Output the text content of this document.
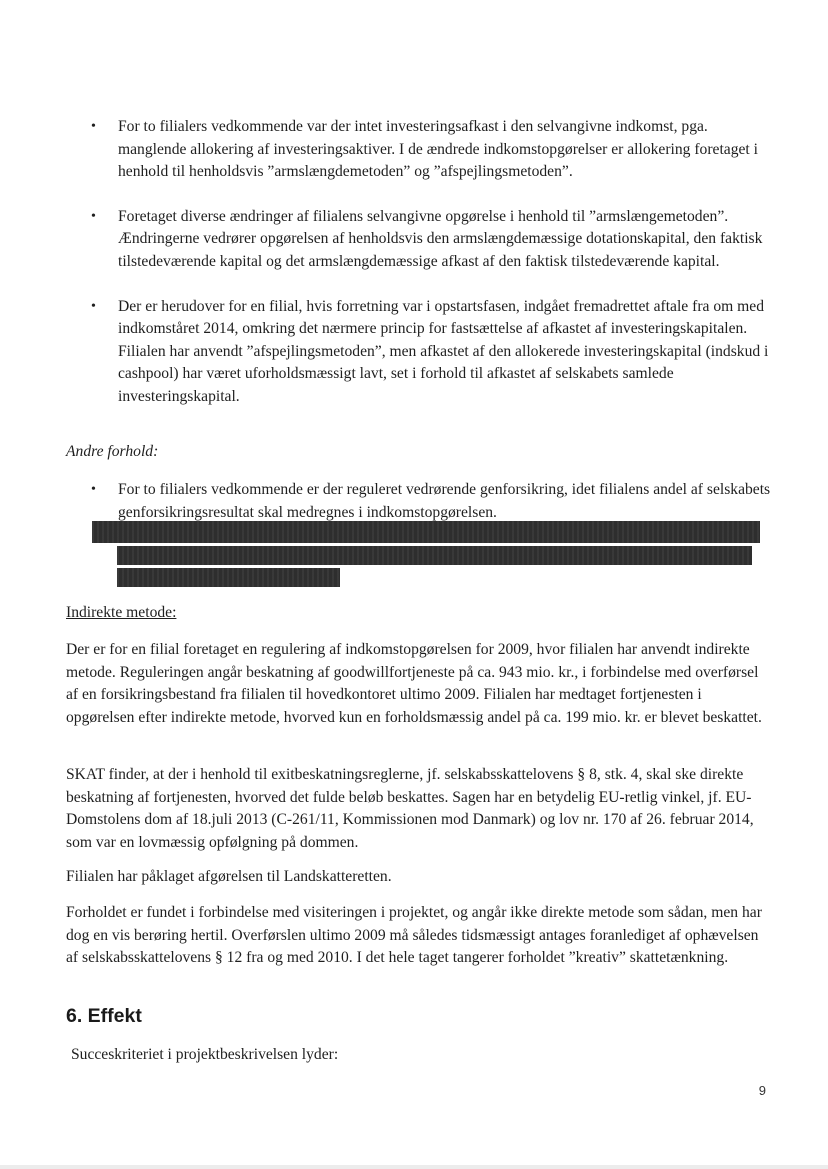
• For to filialers vedkommende var der intet investeringsafkast i den selvangivne indkomst, pga. manglende allokering af investeringsaktiver. I de ændrede indkomstopgørelser er allokering foretaget i henhold til henholdsvis ”armslængdemetoden” og ”afspejlingsmetoden”.
• Foretaget diverse ændringer af filialens selvangivne opgørelse i henhold til ”armslængemetoden”. Ændringerne vedrører opgørelsen af henholdsvis den armslængdemæssige dotationskapital, den faktisk tilstedeværende kapital og det armslængdemæssige afkast af den faktisk tilstedeværende kapital.
• Der er herudover for en filial, hvis forretning var i opstartsfasen, indgået fremadrettet aftale fra om med indkomståret 2014, omkring det nærmere princip for fastsættelse af afkastet af investeringskapitalen. Filialen har anvendt ”afspejlingsmetoden”, men afkastet af den allokerede investeringskapital (indskud i cashpool) har været uforholdsmæssigt lavt, set i forhold til afkastet af selskabets samlede investeringskapital.
Andre forhold:
• For to filialers vedkommende er der reguleret vedrørende genforsikring, idet filialens andel af selskabets genforsikringsresultat skal medregnes i indkomstopgørelsen.
Indirekte metode:

Der er for en filial foretaget en regulering af indkomstopgørelsen for 2009, hvor filialen har anvendt indirekte metode. Reguleringen angår beskatning af goodwillfortjeneste på ca. 943 mio. kr., i forbindelse med overførsel af en forsikringsbestand fra filialen til hovedkontoret ultimo 2009. Filialen har medtaget fortjenesten i opgørelsen efter indirekte metode, hvorved kun en forholdsmæssig andel på ca. 199 mio. kr. er blevet beskattet.

SKAT finder, at der i henhold til exitbeskatningsreglerne, jf. selskabsskattelovens § 8, stk. 4, skal ske direkte beskatning af fortjenesten, hvorved det fulde beløb beskattes. Sagen har en betydelig EU-retlig vinkel, jf. EU-Domstolens dom af 18.juli 2013 (C-261/11, Kommissionen mod Danmark) og lov nr. 170 af 26. februar 2014, som var en lovmæssig opfølgning på dommen.

Filialen har påklaget afgørelsen til Landskatteretten.

Forholdet er fundet i forbindelse med visiteringen i projektet, og angår ikke direkte metode som sådan, men har dog en vis berøring hertil. Overførslen ultimo 2009 må således tidsmæssigt antages foranlediget af ophævelsen af selskabsskattelovens § 12 fra og med 2010. I det hele taget tangerer forholdet ”kreativ” skattetænkning.

6. Effekt
Succeskriteriet i projektbeskrivelsen lyder:
9
